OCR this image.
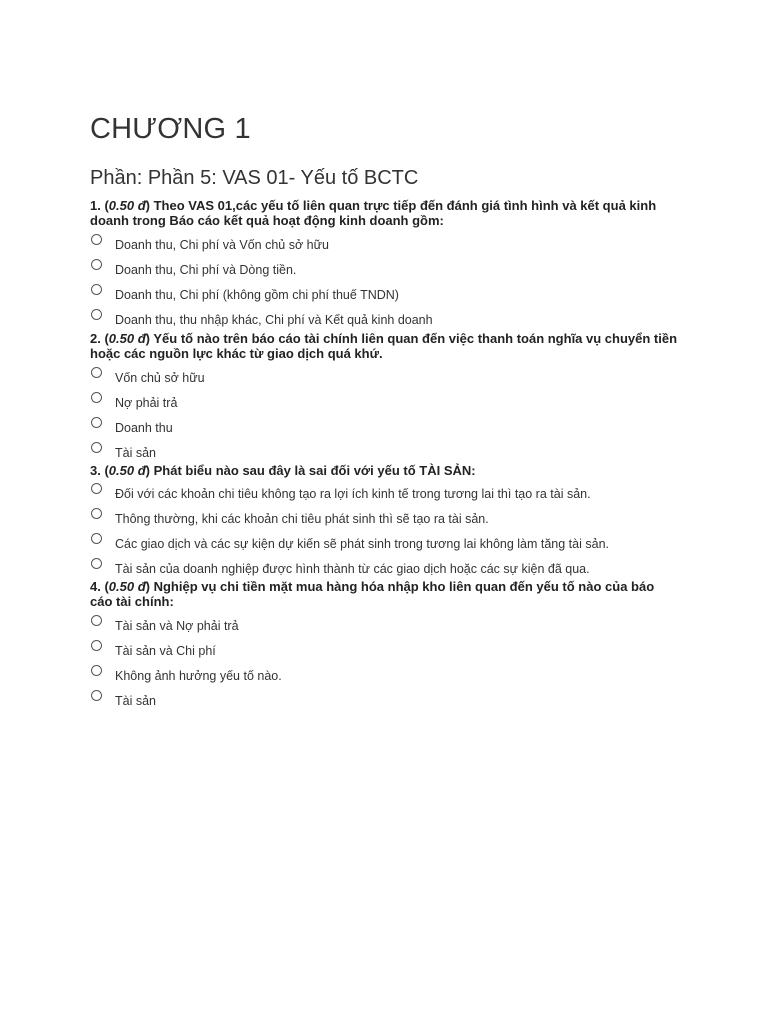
CHƯƠNG 1
Phần: Phần 5: VAS 01- Yếu tố BCTC

1. (0.50 đ) Theo VAS 01,các yếu tố liên quan trực tiếp đến đánh giá tình hình và kết quả kinh doanh trong Báo cáo kết quả hoạt động kinh doanh gồm:

Doanh thu, Chi phí và Vốn chủ sở hữu
Doanh thu, Chi phí và Dòng tiền.
Doanh thu, Chi phí (không gồm chi phí thuế TNDN)
Doanh thu, thu nhập khác, Chi phí và Kết quả kinh doanh

2. (0.50 đ) Yếu tố nào trên báo cáo tài chính liên quan đến việc thanh toán nghĩa vụ chuyển tiền hoặc các nguồn lực khác từ giao dịch quá khứ.

Vốn chủ sở hữu
Nợ phải trả
Doanh thu
Tài sản

3. (0.50 đ) Phát biểu nào sau đây là sai đối với yếu tố TÀI SẢN:

Đối với các khoản chi tiêu không tạo ra lợi ích kinh tế trong tương lai thì tạo ra tài sản.
Thông thường, khi các khoản chi tiêu phát sinh thì sẽ tạo ra tài sản.
Các giao dịch và các sự kiện dự kiến sẽ phát sinh trong tương lai không làm tăng tài sản.
Tài sản của doanh nghiệp được hình thành từ các giao dịch hoặc các sự kiện đã qua.

4. (0.50 đ) Nghiệp vụ chi tiền mặt mua hàng hóa nhập kho liên quan đến yếu tố nào của báo cáo tài chính:

Tài sản và Nợ phải trả
Tài sản và Chi phí
Không ảnh hưởng yếu tố nào.
Tài sản
